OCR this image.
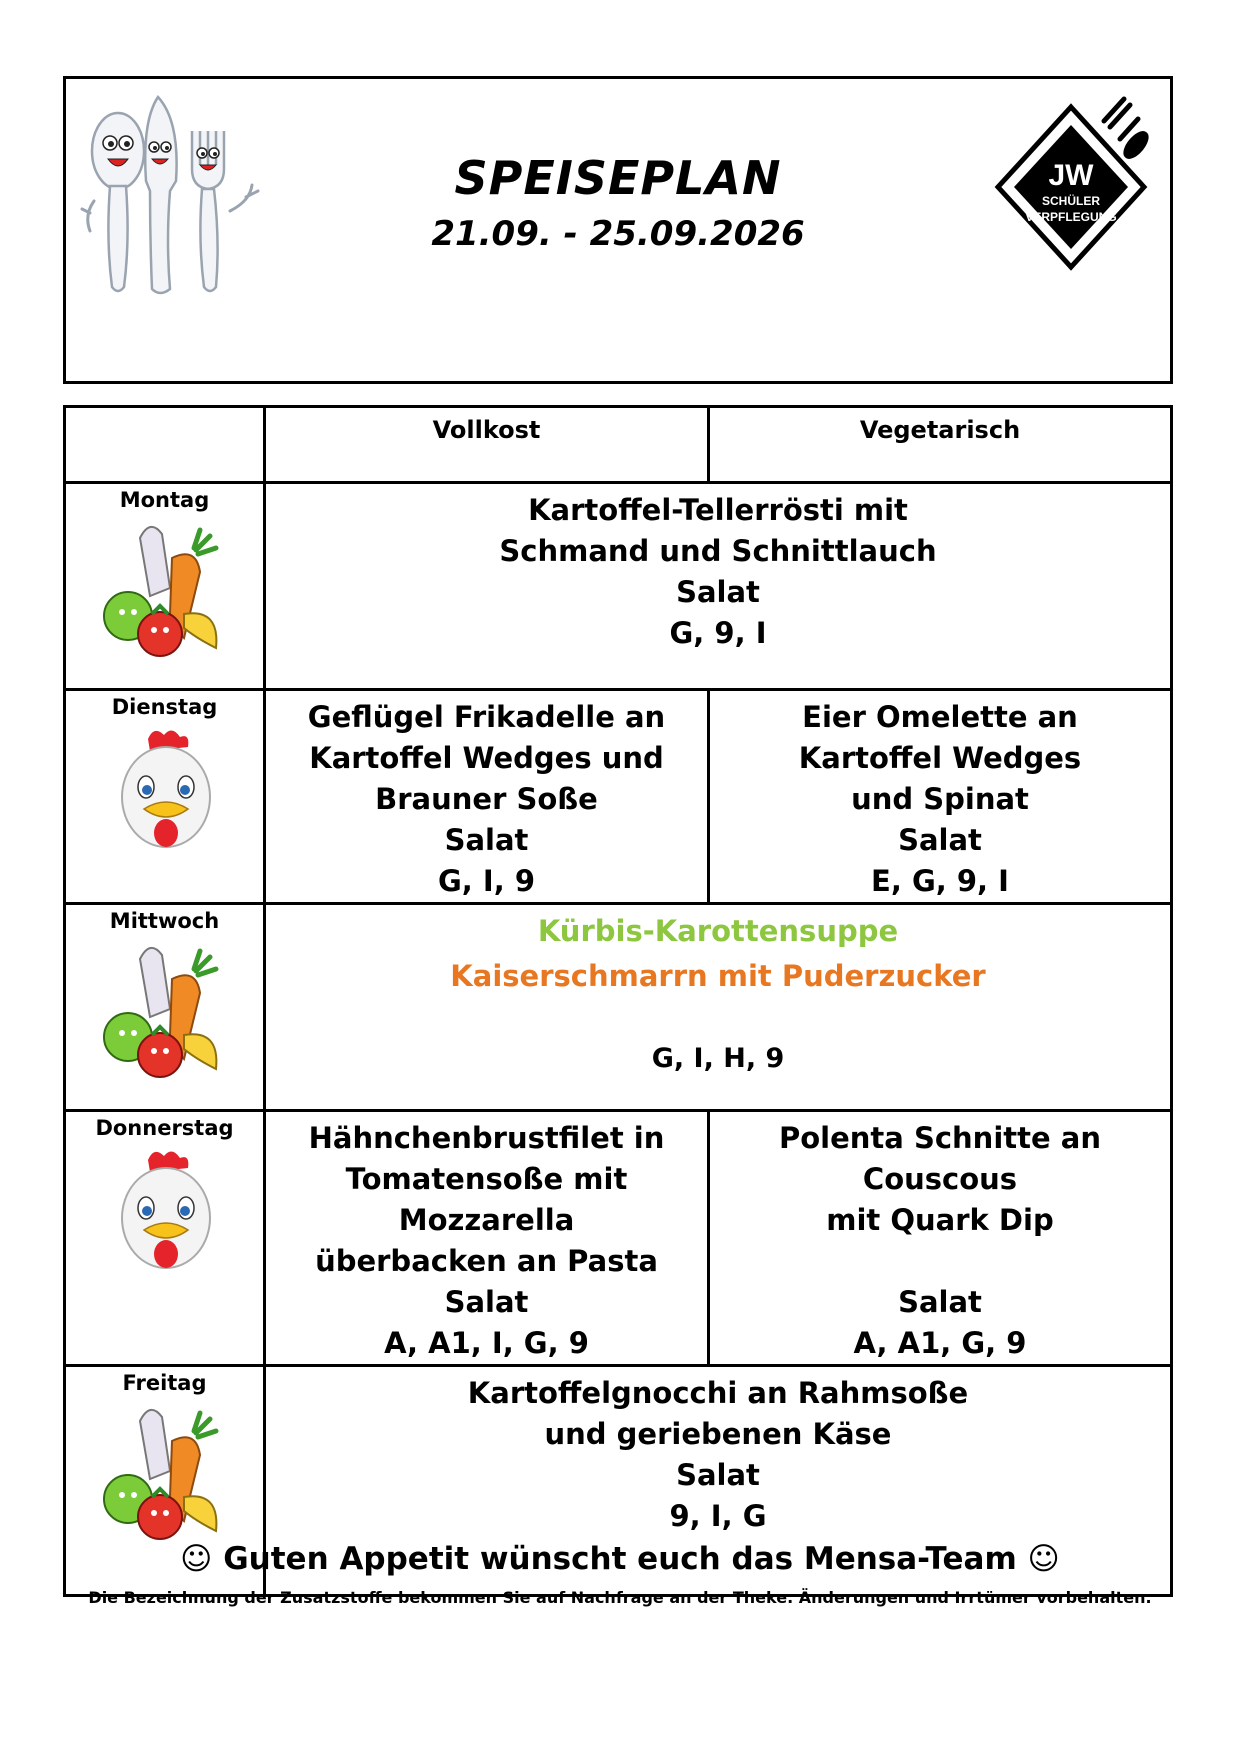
SPEISEPLAN
21.09. - 25.09.2026
JW
SCHÜLER
VERPFLEGUNG
	Vollkost	Vegetarisch
Montag	Kartoffel-Tellerrösti mit
Schmand und Schnittlauch
Salat
G, 9, I	

Dienstag	Geflügel Frikadelle an
Kartoffel Wedges und
Brauner Soße
Salat
G, I, 9	Eier Omelette an
Kartoffel Wedges
und Spinat
Salat
E, G, 9, I

Mittwoch	Kürbis-Karottensuppe
Kaiserschmarrn mit Puderzucker
G, I, H, 9	

Donnerstag	Hähnchenbrustfilet in
Tomatensoße mit Mozzarella
überbacken an Pasta
Salat
A, A1, I, G, 9	Polenta Schnitte an Couscous
mit Quark Dip
Salat
A, A1, G, 9

Freitag	Kartoffelgnocchi an Rahmsoße
und geriebenen Käse
Salat
9, I, G	
☺ Guten Appetit wünscht euch das Mensa-Team ☺
Die Bezeichnung der Zusatzstoffe bekommen Sie auf Nachfrage an der Theke. Änderungen und Irrtümer vorbehalten.
